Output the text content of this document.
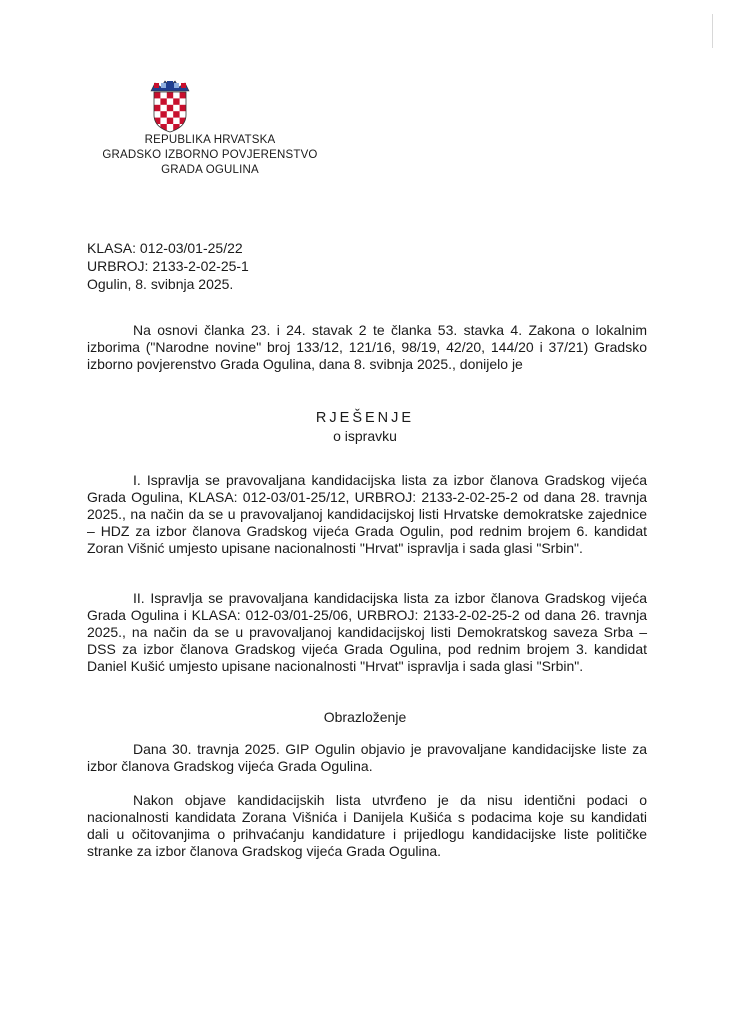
REPUBLIKA HRVATSKA
GRADSKO IZBORNO POVJERENSTVO
GRADA OGULINA
KLASA: 012-03/01-25/22
URBROJ: 2133-2-02-25-1
Ogulin, 8. svibnja 2025.

Na osnovi članka 23. i 24. stavak 2 te članka 53. stavka 4. Zakona o lokalnim izborima ("Narodne novine" broj 133/12, 121/16, 98/19, 42/20, 144/20 i 37/21) Gradsko izborno povjerenstvo Grada Ogulina, dana 8. svibnja 2025., donijelo je

RJEŠENJE
o ispravku

I. Ispravlja se pravovaljana kandidacijska lista za izbor članova Gradskog vijeća Grada Ogulina, KLASA: 012-03/01-25/12, URBROJ: 2133-2-02-25-2 od dana 28. travnja 2025., na način da se u pravovaljanoj kandidacijskoj listi Hrvatske demokratske zajednice – HDZ za izbor članova Gradskog vijeća Grada Ogulin, pod rednim brojem 6. kandidat Zoran Višnić umjesto upisane nacionalnosti "Hrvat" ispravlja i sada glasi "Srbin".

II. Ispravlja se pravovaljana kandidacijska lista za izbor članova Gradskog vijeća Grada Ogulina i KLASA: 012-03/01-25/06, URBROJ: 2133-2-02-25-2 od dana 26. travnja 2025., na način da se u pravovaljanoj kandidacijskoj listi Demokratskog saveza Srba – DSS za izbor članova Gradskog vijeća Grada Ogulina, pod rednim brojem 3. kandidat Daniel Kušić umjesto upisane nacionalnosti "Hrvat" ispravlja i sada glasi "Srbin".

Obrazloženje

Dana 30. travnja 2025. GIP Ogulin objavio je pravovaljane kandidacijske liste za izbor članova Gradskog vijeća Grada Ogulina.

Nakon objave kandidacijskih lista utvrđeno je da nisu identični podaci o nacionalnosti kandidata Zorana Višnića i Danijela Kušića s podacima koje su kandidati dali u očitovanjima o prihvaćanju kandidature i prijedlogu kandidacijske liste političke stranke za izbor članova Gradskog vijeća Grada Ogulina.
